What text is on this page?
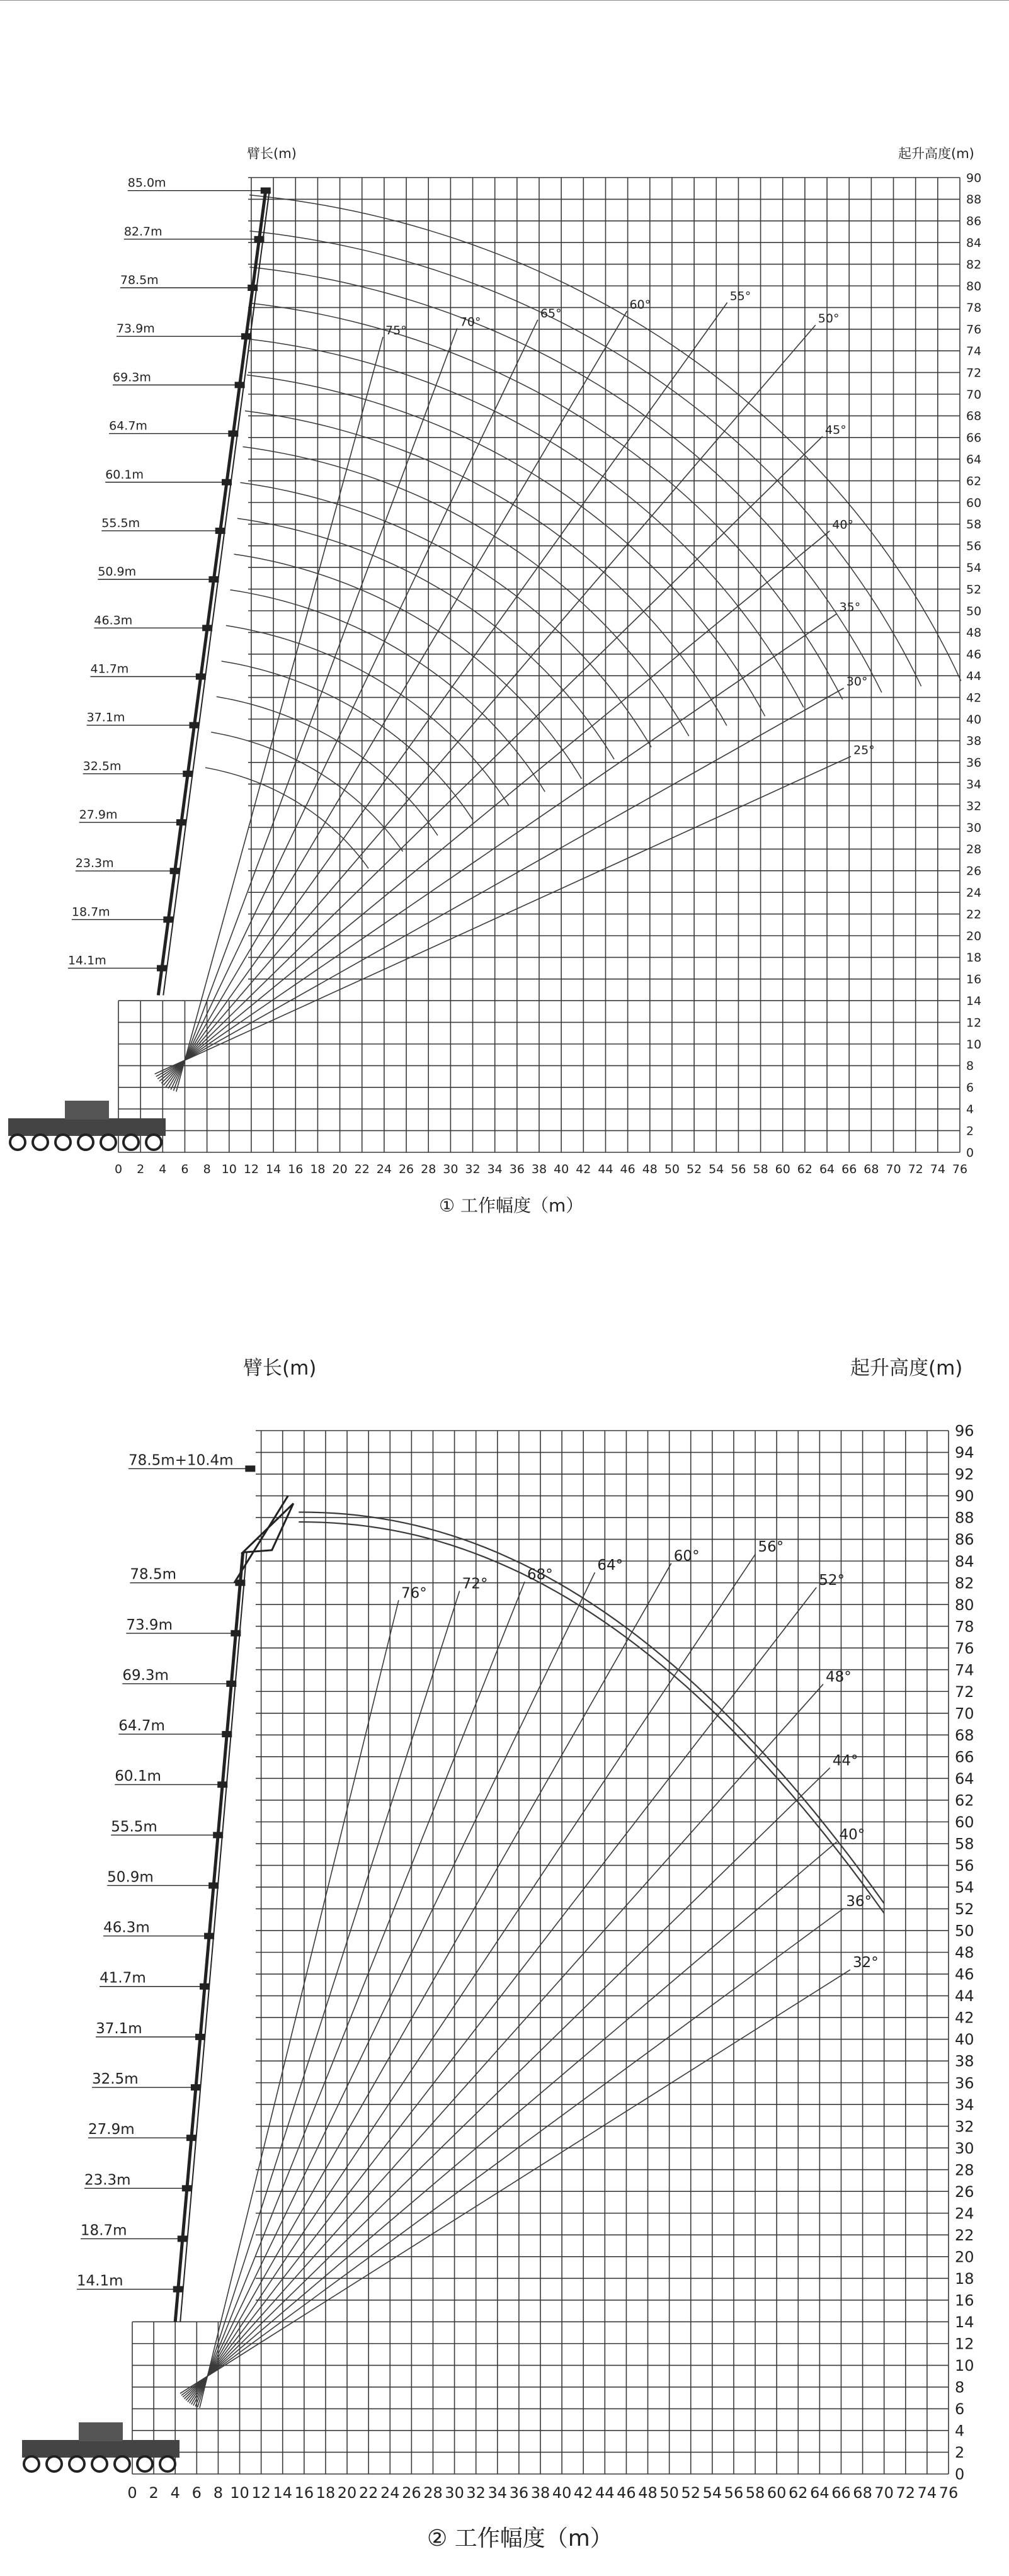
0 2 4 6 8 10 12 14 16 18 20 22 24 26 28 30 32 34 36 38 40 42 44 46 48 50 52 54 56 58 60 62 64 66 68 70 72 74 76
0
2
4
6
8
10
12
14
16
18
20
22
24
26
28
30
32
34
36
38
40
42
44
46
48
50
52
54
56
58
60
62
64
66
68
70
72
74
76
78
80
82
84
86
88
90
75°
70°
65°
60°
55°
50°
45°
40°
35°
30°
25°
85.0m
82.7m
78.5m
73.9m
69.3m
64.7m
60.1m
55.5m
50.9m
46.3m
41.7m
37.1m
32.5m
27.9m
23.3m
18.7m
14.1m
臂长(m)	起升高度(m)
① 工作幅度（m）
0 2 4 6 8 10 12 14 16 18 20 22 24 26 28 30 32 34 36 38 40 42 44 46 48 50 52 54 56 58 60 62 64 66 68 70 72 74 76
0
2
4
6
8
10
12
14
16
18
20
22
24
26
28
30
32
34
36
38
40
42
44
46
48
50
52
54
56
58
60
62
64
66
68
70
72
74
76
78
80
82
84
86
88
90
92
94
96
76°
72°
68°
64°
60°
56°
52°
48°
44°
40°
36°
32°
78.5m+10.4m
78.5m
73.9m
69.3m
64.7m
60.1m
55.5m
50.9m
46.3m
41.7m
37.1m
32.5m
27.9m
23.3m
18.7m
14.1m
臂长(m)	起升高度(m)
② 工作幅度（m）
